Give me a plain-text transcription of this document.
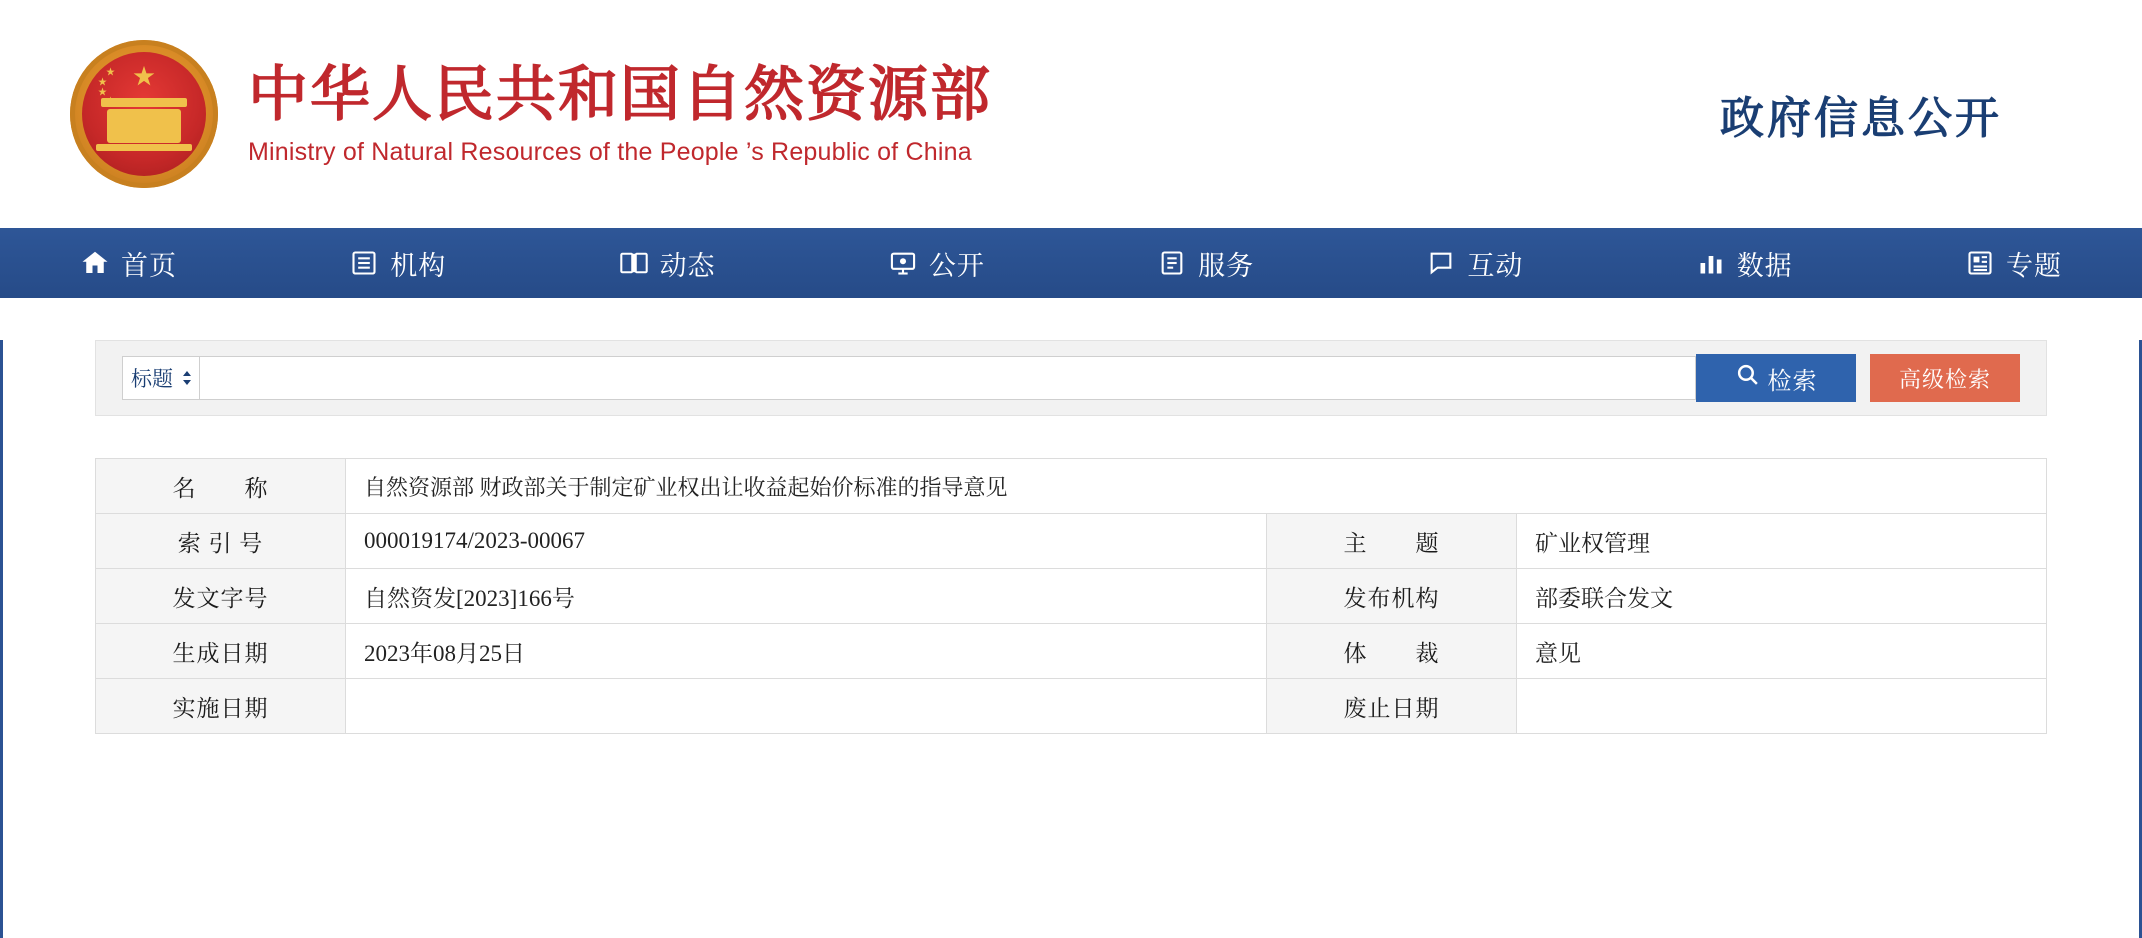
★
★
★
★ 中华人民共和国自然资源部
Ministry of Natural Resources of the People ’s Republic of China
政府信息公开
首页	机构	动态	公开	服务	互动	数据	专题
标题	检索	高级检索
名　　称	自然资源部 财政部关于制定矿业权出让收益起始价标准的指导意见		
索 引 号	000019174/2023-00067	主　　题	矿业权管理
发文字号	自然资发[2023]166号	发布机构	部委联合发文
生成日期	2023年08月25日	体　　裁	意见
实施日期		废止日期	
